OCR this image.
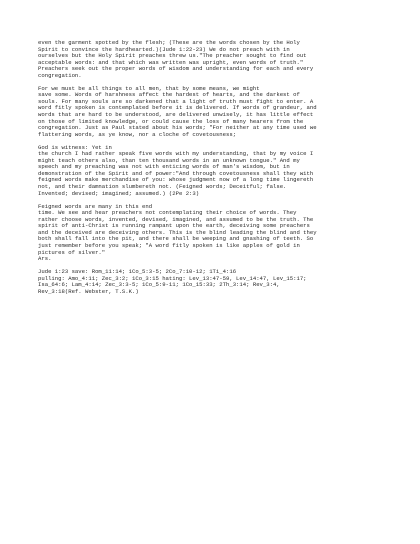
even the garment spotted by the flesh; (These are the words chosen by the Holy
Spirit to convince the hardhearted.)(Jude 1:22-23) We do not preach with in
ourselves but the Holy Spirit preaches threw us."The preacher sought to find out
acceptable words: and that which was written was upright, even words of truth."
Preachers seek out the proper words of wisdom and understanding for each and every
congregation.
For we must be all things to all men, that by some means, we might
save some. Words of harshness affect the hardest of hearts, and the darkest of
souls. For many souls are so darkened that a light of truth must fight to enter. A
word fitly spoken is contemplated before it is delivered. If words of grandeur, and
words that are hard to be understood, are delivered unwisely, it has little effect
on those of limited knowledge, or could cause the loss of many hearers from the
congregation. Just as Paul stated about his words; "For neither at any time used we
flattering words, as ye know, nor a cloche of covetousness;
God is witness: Yet in
the church I had rather speak five words with my understanding, that by my voice I
might teach others also, than ten thousand words in an unknown tongue." And my
speech and my preaching was not with enticing words of man's wisdom, but in
demonstration of the Spirit and of power:"And through covetousness shall they with
feigned words make merchandise of you: whose judgment now of a long time lingereth
not, and their damnation slumbereth not. (Feigned words; Deceitful; false.
Invented; devised; imagined; assumed.) (2Pe 2:3)
Feigned words are many in this end
time. We see and hear preachers not contemplating their choice of words. They
rather choose words, invented, devised, imagined, and assumed to be the truth. The
spirit of anti-Christ is running rampant upon the earth, deceiving some preachers
and the deceived are deceiving others. This is the blind leading the blind and they
both shall fall into the pit, and there shall be weeping and gnashing of teeth. So
just remember before you speak; "A word fitly spoken is like apples of gold in
pictures of silver."
Ars.
Jude 1:23 save: Rom_11:14; 1Co_5:3-5; 2Co_7:10-12; 1Ti_4:16
pulling: Amo_4:11; Zec_3:2; 1Co_3:15 hating: Lev_13:47-59, Lev_14:47, Lev_15:17;
Isa_64:6; Lam_4:14; Zec_3:3-5; 1Co_5:9-11; 1Co_15:33; 2Th_3:14; Rev_3:4,
Rev_3:18(Ref. Webster, T.S.K.)
